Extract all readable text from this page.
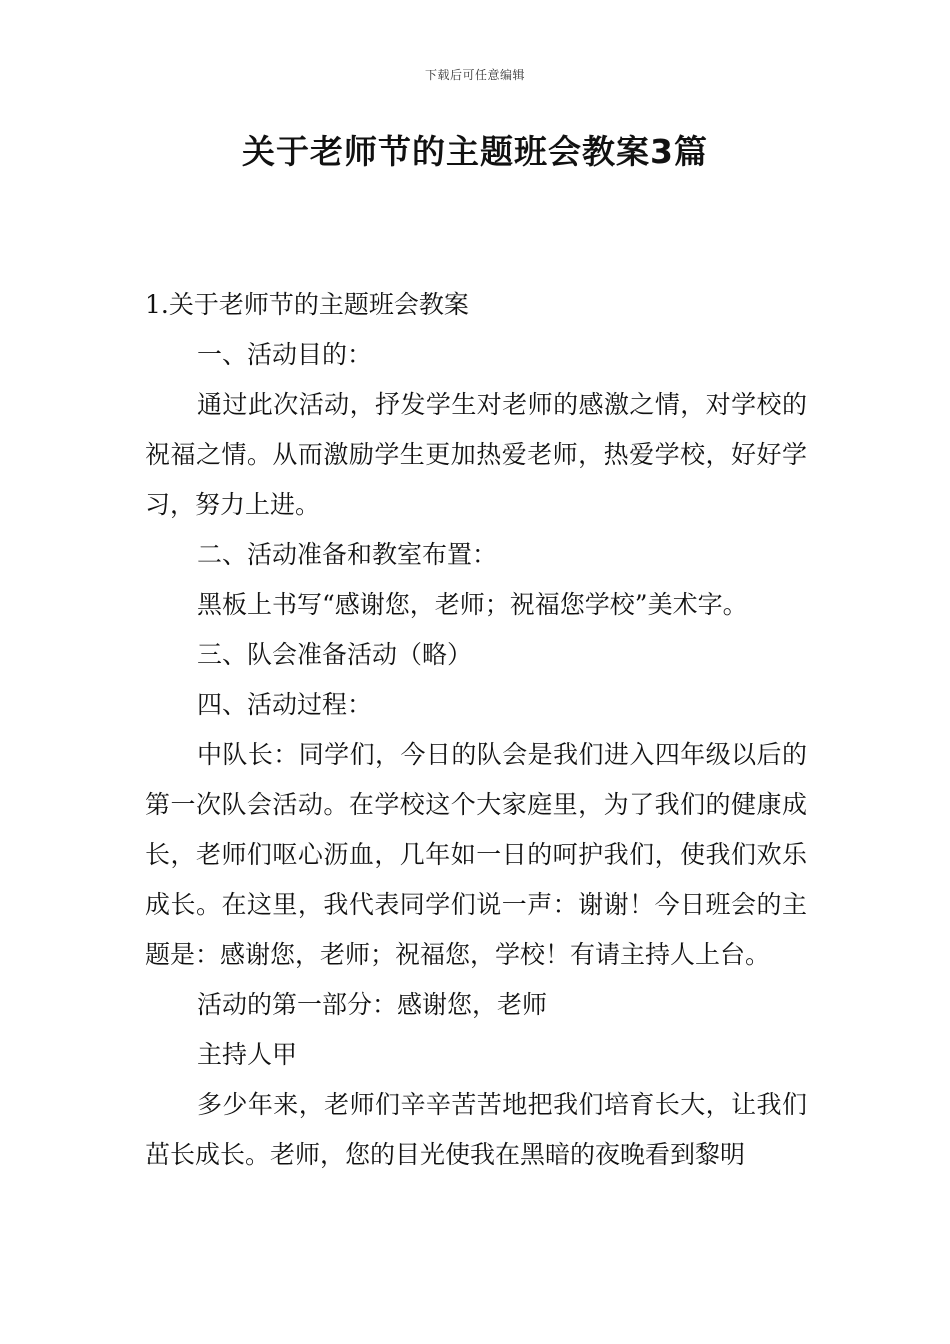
下载后可任意编辑
关于老师节的主题班会教案3篇

1.关于老师节的主题班会教案

一、活动目的：

通过此次活动，抒发学生对老师的感激之情，对学校的祝福之情。从而激励学生更加热爱老师，热爱学校，好好学习，努力上进。

二、活动准备和教室布置：

黑板上书写“感谢您，老师；祝福您学校”美术字。

三、队会准备活动（略）

四、活动过程：

中队长：同学们，今日的队会是我们进入四年级以后的第一次队会活动。在学校这个大家庭里，为了我们的健康成长，老师们呕心沥血，几年如一日的呵护我们，使我们欢乐成长。在这里，我代表同学们说一声：谢谢！今日班会的主题是：感谢您，老师；祝福您，学校！有请主持人上台。

活动的第一部分：感谢您，老师

主持人甲

多少年来，老师们辛辛苦苦地把我们培育长大，让我们茁长成长。老师，您的目光使我在黑暗的夜晚看到黎明
